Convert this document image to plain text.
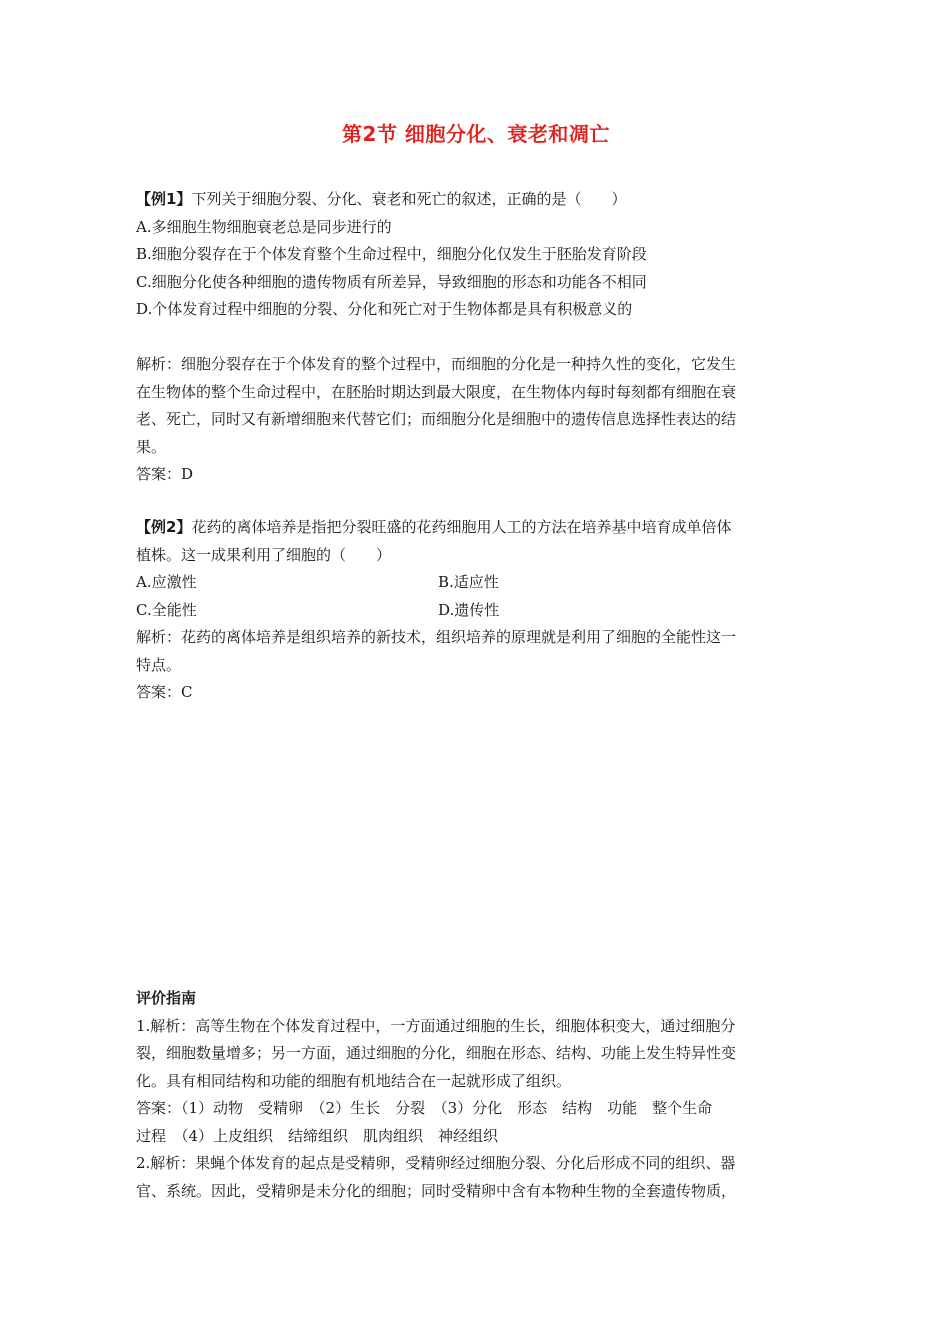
第2节 细胞分化、衰老和凋亡
【例1】下列关于细胞分裂、分化、衰老和死亡的叙述，正确的是（　　）
A.多细胞生物细胞衰老总是同步进行的
B.细胞分裂存在于个体发育整个生命过程中，细胞分化仅发生于胚胎发育阶段
C.细胞分化使各种细胞的遗传物质有所差异，导致细胞的形态和功能各不相同
D.个体发育过程中细胞的分裂、分化和死亡对于生物体都是具有积极意义的
解析：细胞分裂存在于个体发育的整个过程中，而细胞的分化是一种持久性的变化，它发生
在生物体的整个生命过程中，在胚胎时期达到最大限度，在生物体内每时每刻都有细胞在衰
老、死亡，同时又有新增细胞来代替它们；而细胞分化是细胞中的遗传信息选择性表达的结
果。
答案：D
【例2】花药的离体培养是指把分裂旺盛的花药细胞用人工的方法在培养基中培育成单倍体
植株。这一成果利用了细胞的（　　）
A.应激性	B.适应性
C.全能性	D.遗传性
解析：花药的离体培养是组织培养的新技术，组织培养的原理就是利用了细胞的全能性这一
特点。
答案：C
评价指南
1.解析：高等生物在个体发育过程中，一方面通过细胞的生长，细胞体积变大，通过细胞分
裂，细胞数量增多；另一方面，通过细胞的分化，细胞在形态、结构、功能上发生特异性变
化。具有相同结构和功能的细胞有机地结合在一起就形成了组织。
答案：（1）动物　受精卵　（2）生长　分裂　（3）分化　形态　结构　功能　整个生命
过程　（4）上皮组织　结缔组织　肌肉组织　神经组织
2.解析：果蝇个体发育的起点是受精卵，受精卵经过细胞分裂、分化后形成不同的组织、器
官、系统。因此，受精卵是未分化的细胞；同时受精卵中含有本物种生物的全套遗传物质，
